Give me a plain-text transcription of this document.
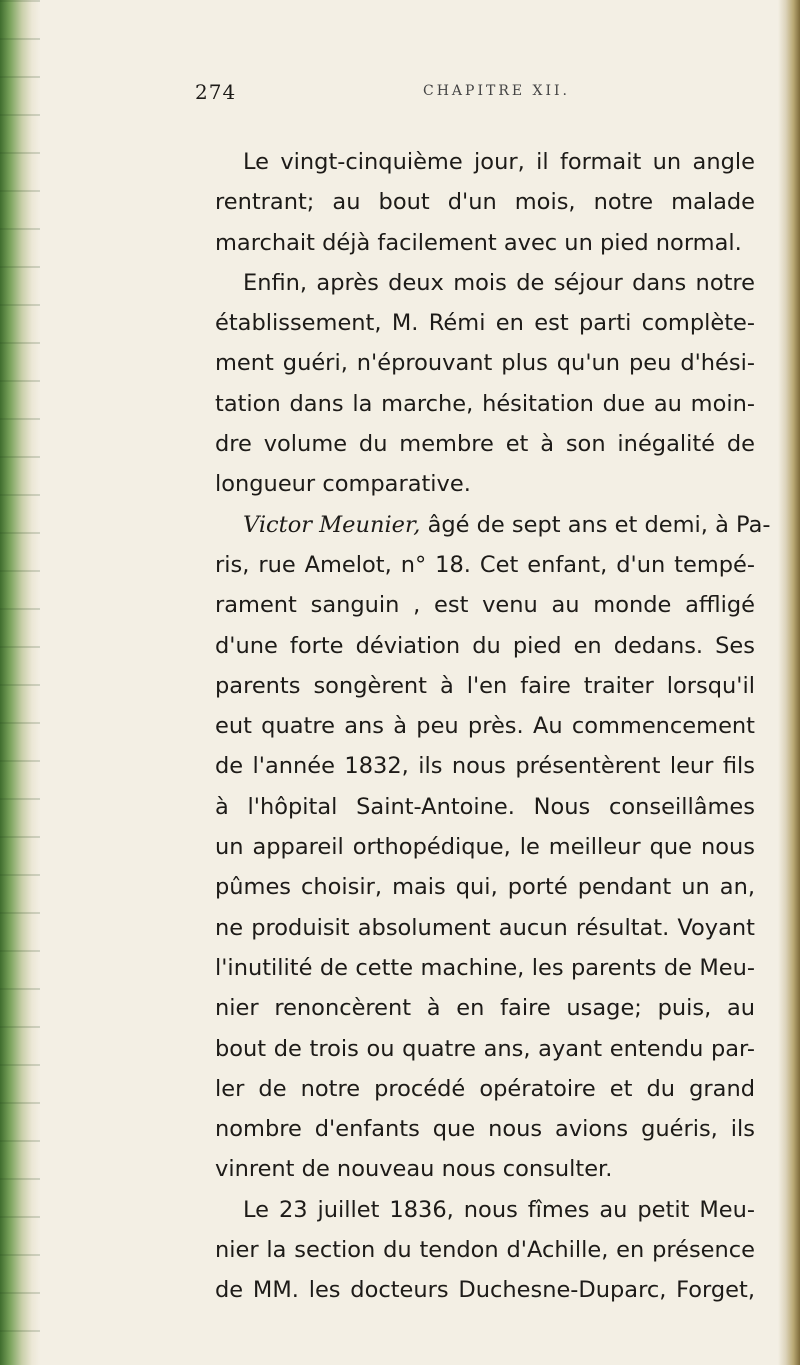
274	CHAPITRE XII.
Le vingt-cinquième jour, il formait un angle
rentrant; au bout d'un mois, notre malade
marchait déjà facilement avec un pied normal.
Enfin, après deux mois de séjour dans notre
établissement, M. Rémi en est parti complète-
ment guéri, n'éprouvant plus qu'un peu d'hési-
tation dans la marche, hésitation due au moin-
dre volume du membre et à son inégalité de
longueur comparative.
Victor Meunier, âgé de sept ans et demi, à Pa-
ris, rue Amelot, n° 18. Cet enfant, d'un tempé-
rament sanguin , est venu au monde affligé
d'une forte déviation du pied en dedans. Ses
parents songèrent à l'en faire traiter lorsqu'il
eut quatre ans à peu près. Au commencement
de l'année 1832, ils nous présentèrent leur fils
à l'hôpital Saint-Antoine. Nous conseillâmes
un appareil orthopédique, le meilleur que nous
pûmes choisir, mais qui, porté pendant un an,
ne produisit absolument aucun résultat. Voyant
l'inutilité de cette machine, les parents de Meu-
nier renoncèrent à en faire usage; puis, au
bout de trois ou quatre ans, ayant entendu par-
ler de notre procédé opératoire et du grand
nombre d'enfants que nous avions guéris, ils
vinrent de nouveau nous consulter.
Le 23 juillet 1836, nous fîmes au petit Meu-
nier la section du tendon d'Achille, en présence
de MM. les docteurs Duchesne-Duparc, Forget,
